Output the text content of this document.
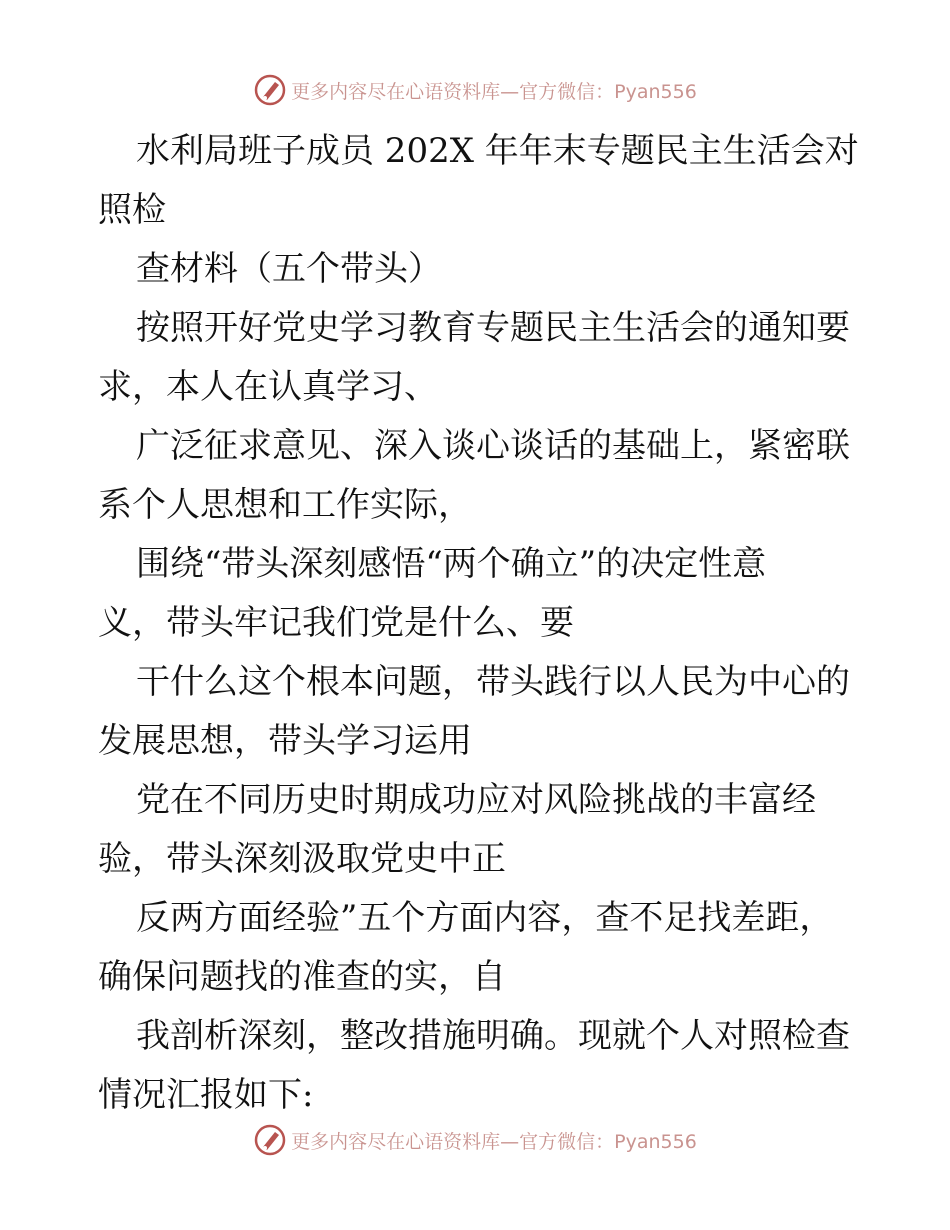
更多内容尽在心语资料库—官方微信：Pyan556
水利局班子成员 202X 年年末专题民主生活会对
照检
查材料（五个带头）
按照开好党史学习教育专题民主生活会的通知要
求，本人在认真学习、
广泛征求意见、深入谈心谈话的基础上，紧密联
系个人思想和工作实际，
围绕“带头深刻感悟“两个确立”的决定性意
义，带头牢记我们党是什么、要
干什么这个根本问题，带头践行以人民为中心的
发展思想，带头学习运用
党在不同历史时期成功应对风险挑战的丰富经
验，带头深刻汲取党史中正
反两方面经验”五个方面内容，查不足找差距，
确保问题找的准查的实，自
我剖析深刻，整改措施明确。现就个人对照检查
情况汇报如下:
更多内容尽在心语资料库—官方微信：Pyan556
